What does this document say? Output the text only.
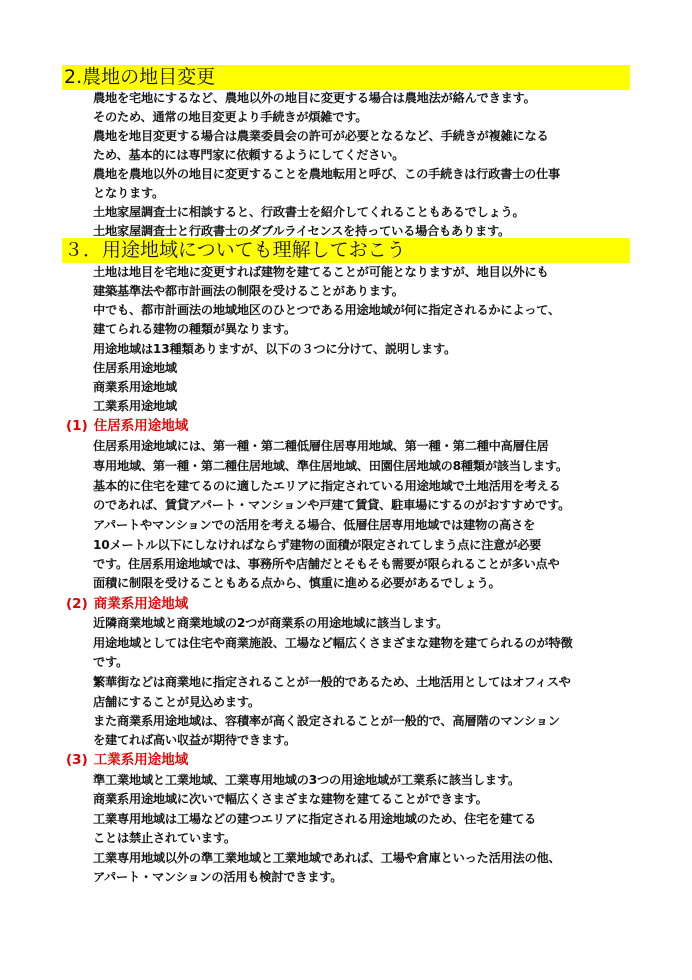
2.農地の地目変更
農地を宅地にするなど、農地以外の地目に変更する場合は農地法が絡んできます。
そのため、通常の地目変更より手続きが煩雑です。
農地を地目変更する場合は農業委員会の許可が必要となるなど、手続きが複雑になる
ため、基本的には専門家に依頼するようにしてください。
農地を農地以外の地目に変更することを農地転用と呼び、この手続きは行政書士の仕事
となります。
土地家屋調査士に相談すると、行政書士を紹介してくれることもあるでしょう。
土地家屋調査士と行政書士のダブルライセンスを持っている場合もあります。
３．用途地域についても理解しておこう
土地は地目を宅地に変更すれば建物を建てることが可能となりますが、地目以外にも
建築基準法や都市計画法の制限を受けることがあります。
中でも、都市計画法の地域地区のひとつである用途地域が何に指定されるかによって、
建てられる建物の種類が異なります。
用途地域は13種類ありますが、以下の３つに分けて、説明します。
住居系用途地域
商業系用途地域
工業系用途地域
(1) 住居系用途地域
住居系用途地域には、第一種・第二種低層住居専用地域、第一種・第二種中高層住居
専用地域、第一種・第二種住居地域、準住居地域、田園住居地域の8種類が該当します。
基本的に住宅を建てるのに適したエリアに指定されている用途地域で土地活用を考える
のであれば、賃貸アパート・マンションや戸建て賃貸、駐車場にするのがおすすめです。
アパートやマンションでの活用を考える場合、低層住居専用地域では建物の高さを
10メートル以下にしなければならず建物の面積が限定されてしまう点に注意が必要
です。住居系用途地域では、事務所や店舗だとそもそも需要が限られることが多い点や
面積に制限を受けることもある点から、慎重に進める必要があるでしょう。
(2) 商業系用途地域
近隣商業地域と商業地域の2つが商業系の用途地域に該当します。
用途地域としては住宅や商業施設、工場など幅広くさまざまな建物を建てられるのが特徴
です。
繁華街などは商業地に指定されることが一般的であるため、土地活用としてはオフィスや
店舗にすることが見込めます。
また商業系用途地域は、容積率が高く設定されることが一般的で、高層階のマンション
を建てれば高い収益が期待できます。
(3) 工業系用途地域
準工業地域と工業地域、工業専用地域の3つの用途地域が工業系に該当します。
商業系用途地域に次いで幅広くさまざまな建物を建てることができます。
工業専用地域は工場などの建つエリアに指定される用途地域のため、住宅を建てる
ことは禁止されています。
工業専用地域以外の準工業地域と工業地域であれば、工場や倉庫といった活用法の他、
アパート・マンションの活用も検討できます。
